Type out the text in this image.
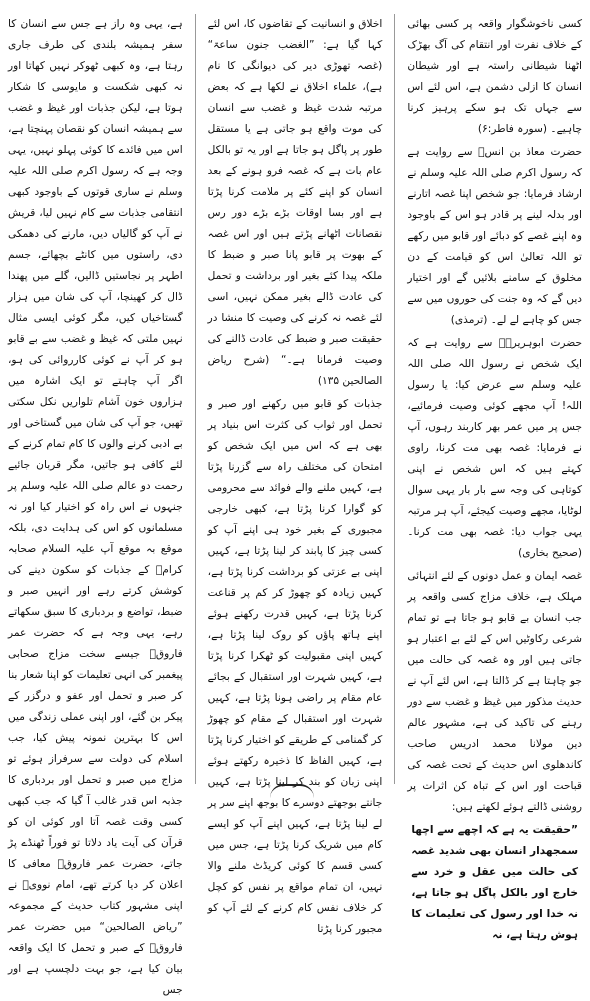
کسی ناخوشگوار واقعہ پر کسی بھائی کے خلاف نفرت اور انتقام کی آگ بھڑک اٹھنا شیطانی راستہ ہے اور شیطان انسان کا ازلی دشمن ہے، اس لئے اس سے جہاں تک ہو سکے پرہیز کرنا چاہیے۔ (سورہ فاطر:۶)

حضرت معاذ بن انسؓ سے روایت ہے کہ رسول اکرم صلی اللہ علیہ وسلم نے ارشاد فرمایا: جو شخص اپنا غصہ اتارنے اور بدلہ لینے پر قادر ہو اس کے باوجود وہ اپنے غصے کو دبائے اور قابو میں رکھے تو اللہ تعالیٰ اس کو قیامت کے دن مخلوق کے سامنے بلائیں گے اور اختیار دیں گے کہ وہ جنت کی حوروں میں سے جس کو چاہے لے لے۔ (ترمذی)

حضرت ابوہریرہؓ سے روایت ہے کہ ایک شخص نے رسول اللہ صلی اللہ علیہ وسلم سے عرض کیا: یا رسول اللہ! آپ مجھے کوئی وصیت فرمائیے، جس پر میں عمر بھر کاربند رہوں، آپ نے فرمایا: غصہ بھی مت کرنا، راوی کہتے ہیں کہ اس شخص نے اپنی کوتاہی کی وجہ سے بار بار یہی سوال لوٹایا، مجھے وصیت کیجئے، آپ ہر مرتبہ یہی جواب دیا: غصہ بھی مت کرنا۔ (صحیح بخاری)

غصہ ایمان و عمل دونوں کے لئے انتہائی مہلک ہے، خلاف مزاج کسی واقعہ پر جب انسان بے قابو ہو جاتا ہے تو تمام شرعی رکاوٹیں اس کے لئے بے اعتبار ہو جاتی ہیں اور وہ غصہ کی حالت میں جو چاہتا ہے کر ڈالتا ہے، اس لئے آپ نے حدیث مذکور میں غیظ و غضب سے دور رہنے کی تاکید کی ہے، مشہور عالم دین مولانا محمد ادریس صاحب کاندھلوی اس حدیث کے تحت غصہ کی قباحت اور اس کے تباہ کن اثرات پر روشنی ڈالتے ہوئے لکھتے ہیں:

”حقیقت یہ ہے کہ اچھے سے اچھا سمجھدار انسان بھی شدید غصہ کی حالت میں عقل و خرد سے خارج اور بالکل پاگل ہو جاتا ہے، نہ خدا اور رسول کی تعلیمات کا ہوش رہتا ہے، نہ

اخلاق و انسانیت کے تقاضوں کا، اس لئے کہا گیا ہے: ”الغضب جنون ساعۃ“ (غصہ تھوڑی دیر کی دیوانگی کا نام ہے)، علماء اخلاق نے لکھا ہے کہ بعض مرتبہ شدت غیظ و غضب سے انسان کی موت واقع ہو جاتی ہے یا مستقل طور پر پاگل ہو جاتا ہے اور یہ تو بالکل عام بات ہے کہ غصہ فرو ہونے کے بعد انسان کو اپنے کئے پر ملامت کرنا پڑتا ہے اور بسا اوقات بڑے بڑے دور رس نقصانات اٹھانے پڑتے ہیں اور اس غصہ کے بھوت پر قابو پانا صبر و ضبط کا ملکہ پیدا کئے بغیر اور برداشت و تحمل کی عادت ڈالے بغیر ممکن نہیں، اسی لئے غصہ نہ کرنے کی وصیت کا منشا در حقیقت صبر و ضبط کی عادت ڈالنے کی وصیت فرمانا ہے۔“ (شرح ریاض الصالحین ۱۳۵)

جذبات کو قابو میں رکھنے اور صبر و تحمل اور ثواب کی کثرت اس بنیاد پر بھی ہے کہ اس میں ایک شخص کو امتحان کی مختلف راہ سے گزرنا پڑتا ہے، کہیں ملنے والے فوائد سے محرومی کو گوارا کرنا پڑتا ہے، کبھی خارجی مجبوری کے بغیر خود ہی اپنے آپ کو کسی چیز کا پابند کر لینا پڑتا ہے، کہیں اپنی بے عزتی کو برداشت کرنا پڑتا ہے، کہیں زیادہ کو چھوڑ کر کم پر قناعت کرنا پڑتا ہے، کہیں قدرت رکھنے ہوئے اپنے ہاتھ پاؤں کو روک لینا پڑتا ہے، کہیں اپنی مقبولیت کو ٹھکرا کرنا پڑتا ہے، کہیں شہرت اور استقبال کے بجائے عام مقام پر راضی ہونا پڑتا ہے، کہیں شہرت اور استقبال کے مقام کو چھوڑ کر گمنامی کے طریقے کو اختیار کرنا پڑتا ہے، کہیں الفاظ کا ذخیرہ رکھتے ہوئے اپنی زبان کو بند کر لینا پڑتا ہے، کہیں جانتے بوجھتے دوسرے کا بوجھ اپنے سر پر لے لینا پڑتا ہے، کہیں اپنے آپ کو ایسے کام میں شریک کرنا پڑتا ہے، جس میں کسی قسم کا کوئی کریڈٹ ملنے والا نہیں، ان تمام مواقع پر نفس کو کچل کر خلاف نفس کام کرنے کے لئے آپ کو مجبور کرنا پڑتا

ہے، یہی وہ راز ہے جس سے انسان کا سفر ہمیشہ بلندی کی طرف جاری رہتا ہے، وہ کبھی ٹھوکر نہیں کھاتا اور نہ کبھی شکست و مایوسی کا شکار ہوتا ہے، لیکن جذبات اور غیظ و غضب سے ہمیشہ انسان کو نقصان پہنچتا ہے، اس میں فائدے کا کوئی پہلو نہیں، یہی وجہ ہے کہ رسول اکرم صلی اللہ علیہ وسلم نے ساری قوتوں کے باوجود کبھی انتقامی جذبات سے کام نہیں لیا، قریش نے آپ کو گالیاں دیں، مارنے کی دھمکی دی، راستوں میں کانٹے بچھائے، جسم اطہر پر نجاستیں ڈالیں، گلے میں پھندا ڈال کر کھینچا، آپ کی شان میں ہزار گستاخیاں کیں، مگر کوئی ایسی مثال نہیں ملتی کہ غیظ و غضب سے بے قابو ہو کر آپ نے کوئی کارروائی کی ہو، اگر آپ چاہتے تو ایک اشارہ میں ہزاروں خون آشام تلواریں نکل سکتی تھیں، جو آپ کی شان میں گستاخی اور بے ادبی کرنے والوں کا کام تمام کرنے کے لئے کافی ہو جاتیں، مگر قربان جائیے رحمت دو عالم صلی اللہ علیہ وسلم پر جنہوں نے اس راہ کو اختیار کیا اور نہ مسلمانوں کو اس کی ہدایت دی، بلکہ موقع بہ موقع آپ علیہ السلام صحابہ کرامؓ کے جذبات کو سکون دینے کی کوشش کرتے رہے اور انہیں صبر و ضبط، تواضع و بردباری کا سبق سکھاتے رہے، یہی وجہ ہے کہ حضرت عمر فاروقؓ جیسے سخت مزاج صحابی پیغمبر کی انہی تعلیمات کو اپنا شعار بنا کر صبر و تحمل اور عفو و درگزر کے پیکر بن گئے، اور اپنی عملی زندگی میں اس کا بہترین نمونہ پیش کیا، جب اسلام کی دولت سے سرفراز ہوئے تو مزاج میں صبر و تحمل اور بردباری کا جذبہ اس قدر غالب آ گیا کہ جب کبھی کسی وقت غصہ آتا اور کوئی ان کو قرآن کی آیت یاد دلاتا تو فوراً ٹھنڈے پڑ جاتے، حضرت عمر فاروقؓ معافی کا اعلان کر دیا کرتے تھے، امام نوویؒ نے اپنی مشہور کتاب حدیث کے مجموعہ ”ریاض الصالحین“ میں حضرت عمر فاروقؓ کے صبر و تحمل کا ایک واقعہ بیان کیا ہے، جو بہت دلچسپ ہے اور جس
